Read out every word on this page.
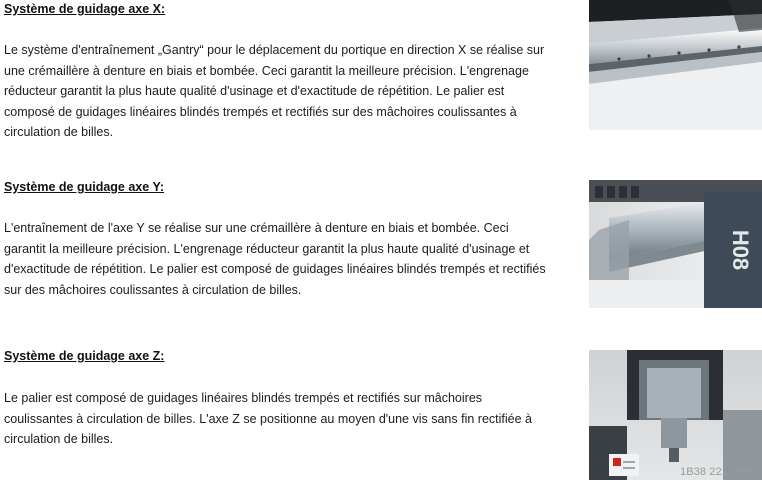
Système de guidage axe X:
Le système d'entraînement „Gantry“ pour le déplacement du portique en direction X se réalise sur une crémaillère à denture en biais et bombée. Ceci garantit la meilleure précision. L'engrenage réducteur garantit la plus haute qualité d'usinage et d'exactitude de répétition. Le palier est composé de guidages linéaires blindés trempés et rectifiés sur des mâchoires coulissantes à circulation de billes.
Système de guidage axe Y:
L'entraînement de l'axe Y se réalise sur une crémaillère à denture en biais et bombée. Ceci garantit la meilleure précision. L'engrenage réducteur garantit la plus haute qualité d'usinage et d'exactitude de répétition. Le palier est composé de guidages linéaires blindés trempés et rectifiés sur des mâchoires coulissantes à circulation de billes.
Système de guidage axe Z:
Le palier est composé de guidages linéaires blindés trempés et rectifiés sur mâchoires coulissantes à circulation de billes. L'axe Z se positionne au moyen d'une vis sans fin rectifiée à circulation de billes.
H08
1B38 22103598
